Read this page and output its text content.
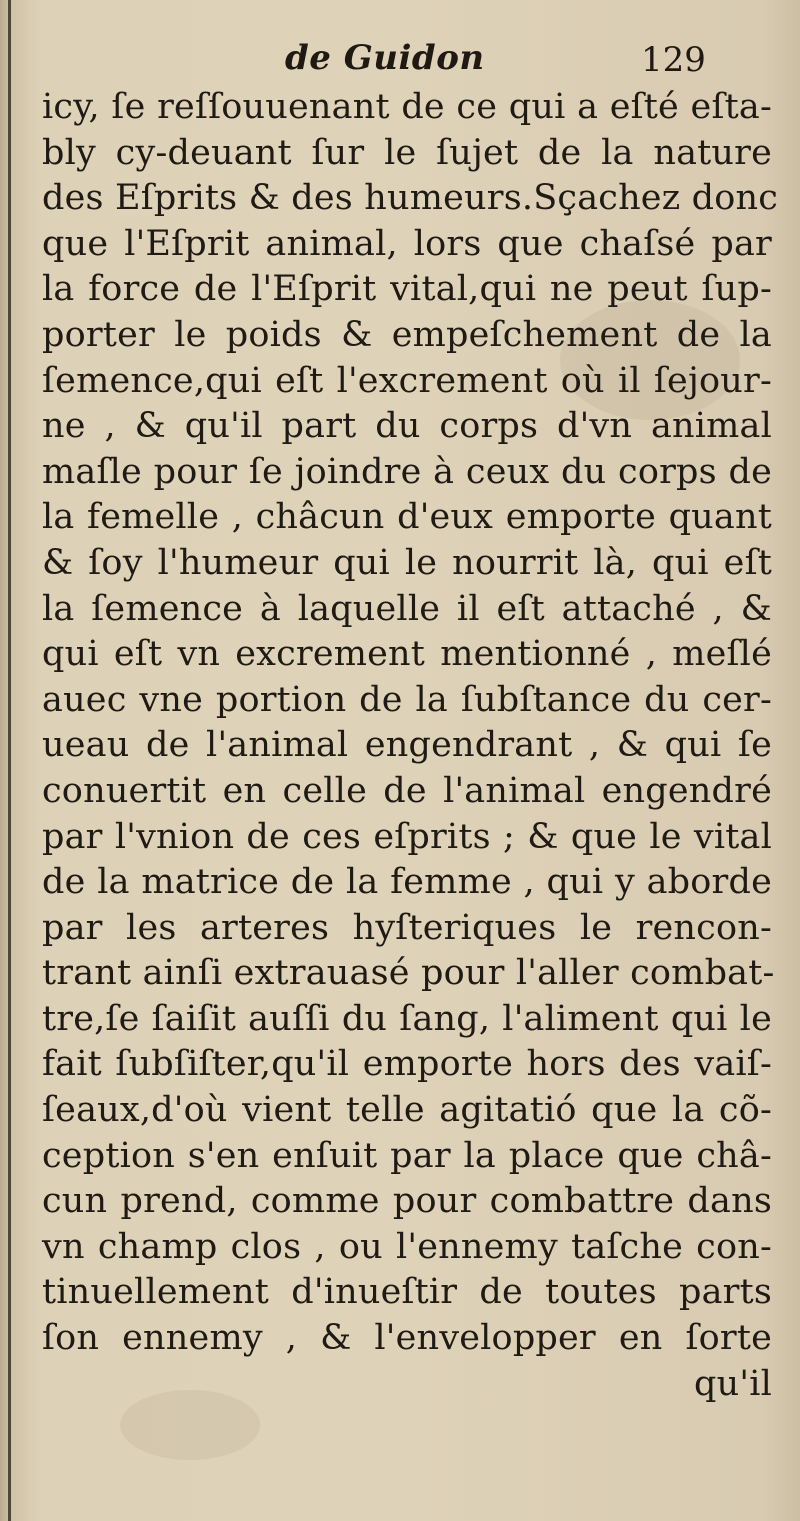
de Guidon	129
icy, ſe reſſouuenant de ce qui a eſté eſta-
bly cy-deuant ſur le ſujet de la nature
des Eſprits & des humeurs.Sçachez donc
que l'Eſprit animal, lors que chaſsé par
la force de l'Eſprit vital,qui ne peut ſup-
porter le poids & empeſchement de la
ſemence,qui eſt l'excrement où il ſejour-
ne , & qu'il part du corps d'vn animal
maſle pour ſe joindre à ceux du corps de
la femelle , châcun d'eux emporte quant
& ſoy l'humeur qui le nourrit là, qui eſt
la ſemence à laquelle il eſt attaché , &
qui eſt vn excrement mentionné , meſlé
auec vne portion de la ſubſtance du cer-
ueau de l'animal engendrant , & qui ſe
conuertit en celle de l'animal engendré
par l'vnion de ces eſprits ; & que le vital
de la matrice de la femme , qui y aborde
par les arteres hyſteriques le rencon-
trant ainſi extrauasé pour l'aller combat-
tre,ſe ſaiſit auſſi du ſang, l'aliment qui le
fait ſubſiſter,qu'il emporte hors des vaiſ-
ſeaux,d'où vient telle agitatió que la cõ-
ception s'en enſuit par la place que châ-
cun prend, comme pour combattre dans
vn champ clos , ou l'ennemy taſche con-
tinuellement d'inueſtir de toutes parts
ſon ennemy , & l'envelopper en ſorte
qu'il
